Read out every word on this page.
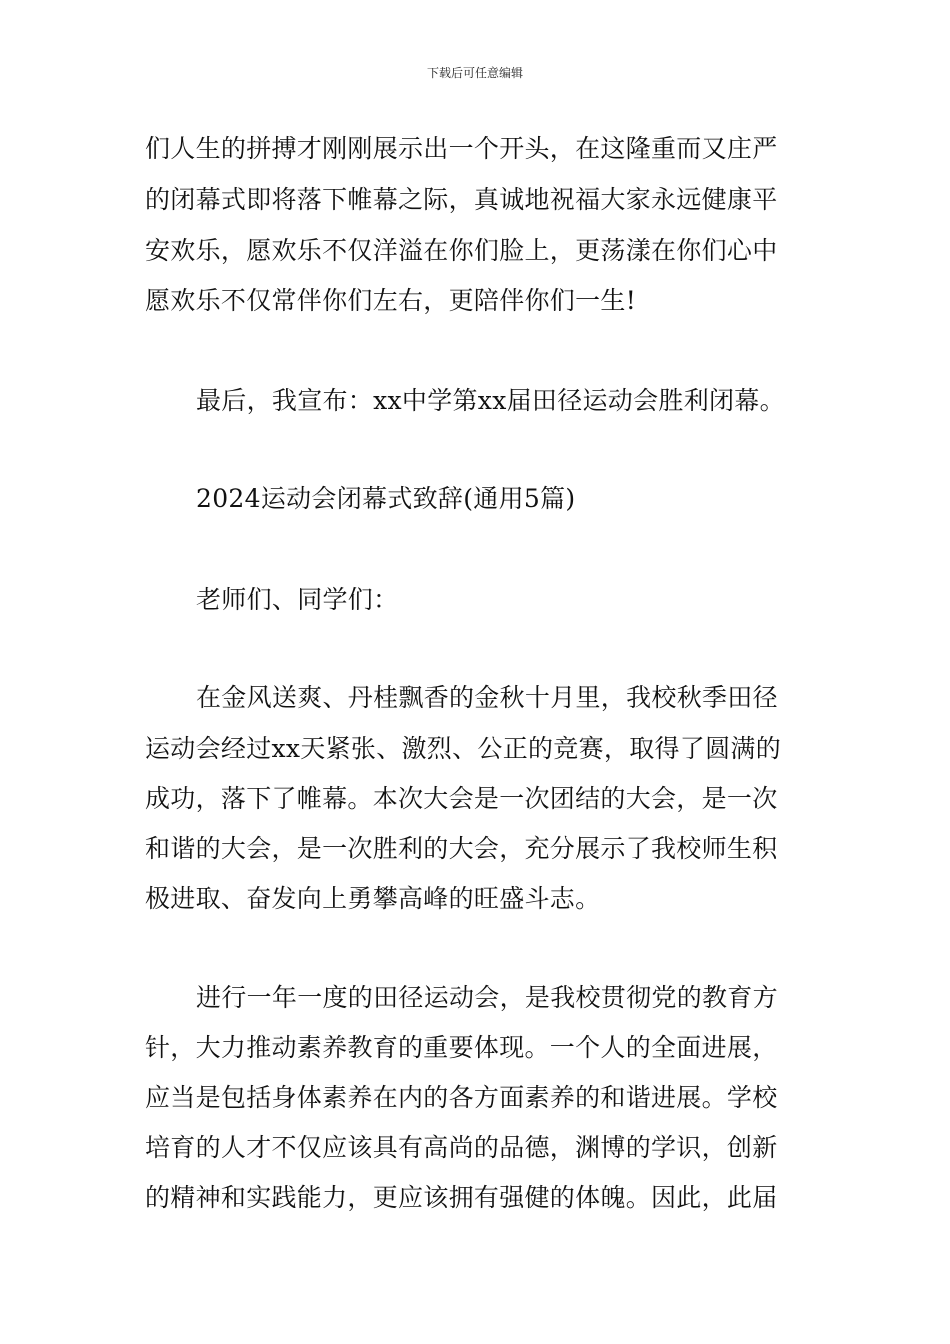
下载后可任意编辑
们人生的拼搏才刚刚展示出一个开头，在这隆重而又庄严
的闭幕式即将落下帷幕之际，真诚地祝福大家永远健康平
安欢乐，愿欢乐不仅洋溢在你们脸上，更荡漾在你们心中
愿欢乐不仅常伴你们左右，更陪伴你们一生!
最后，我宣布：xx中学第xx届田径运动会胜利闭幕。
2024运动会闭幕式致辞(通用5篇)
老师们、同学们：
在金风送爽、丹桂飘香的金秋十月里，我校秋季田径
运动会经过xx天紧张、激烈、公正的竞赛，取得了圆满的
成功，落下了帷幕。本次大会是一次团结的大会，是一次
和谐的大会，是一次胜利的大会，充分展示了我校师生积
极进取、奋发向上勇攀高峰的旺盛斗志。
进行一年一度的田径运动会，是我校贯彻党的教育方
针，大力推动素养教育的重要体现。一个人的全面进展，
应当是包括身体素养在内的各方面素养的和谐进展。学校
培育的人才不仅应该具有高尚的品德，渊博的学识，创新
的精神和实践能力，更应该拥有强健的体魄。因此，此届
